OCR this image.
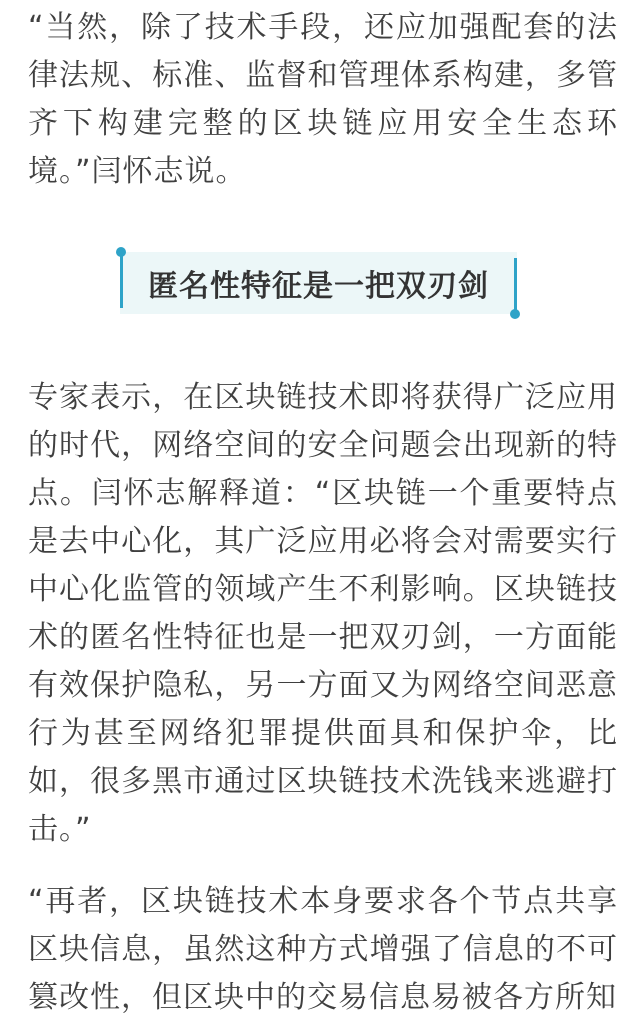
“当然，除了技术手段，还应加强配套的法律法规、标准、监督和管理体系构建，多管齐下构建完整的区块链应用安全生态环境。”闫怀志说。

匿名性特征是一把双刃剑

专家表示，在区块链技术即将获得广泛应用的时代，网络空间的安全问题会出现新的特点。闫怀志解释道：“区块链一个重要特点是去中心化，其广泛应用必将会对需要实行中心化监管的领域产生不利影响。区块链技术的匿名性特征也是一把双刃剑，一方面能有效保护隐私，另一方面又为网络空间恶意行为甚至网络犯罪提供面具和保护伞，比如，很多黑市通过区块链技术洗钱来逃避打击。”

“再者，区块链技术本身要求各个节点共享区块信息，虽然这种方式增强了信息的不可篡改性，但区块中的交易信息易被各方所知
